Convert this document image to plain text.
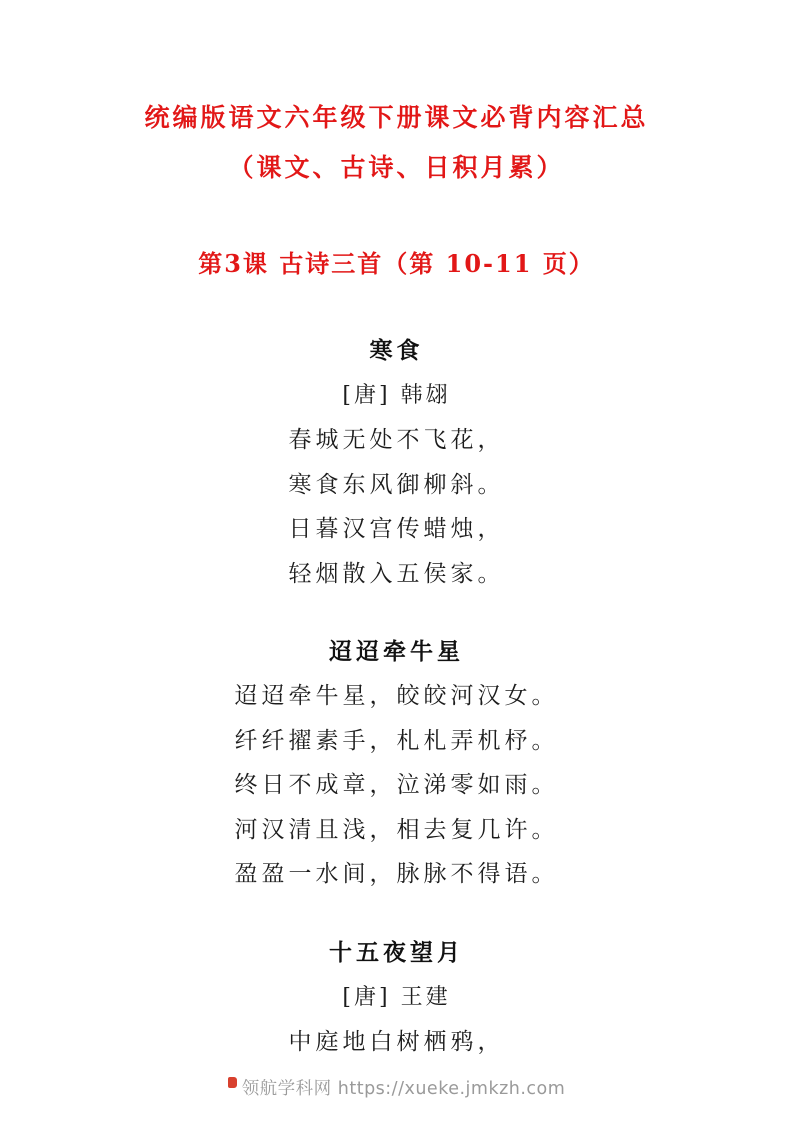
统编版语文六年级下册课文必背内容汇总
（课文、古诗、日积月累）
第3课 古诗三首（第 10-11 页）
寒食
[唐] 韩翃
春城无处不飞花，
寒食东风御柳斜。
日暮汉宫传蜡烛，
轻烟散入五侯家。
迢迢牵牛星
迢迢牵牛星，皎皎河汉女。
纤纤擢素手，札札弄机杼。
终日不成章，泣涕零如雨。
河汉清且浅，相去复几许。
盈盈一水间，脉脉不得语。
十五夜望月
[唐] 王建
中庭地白树栖鸦，
领航学科网 https://xueke.jmkzh.com
